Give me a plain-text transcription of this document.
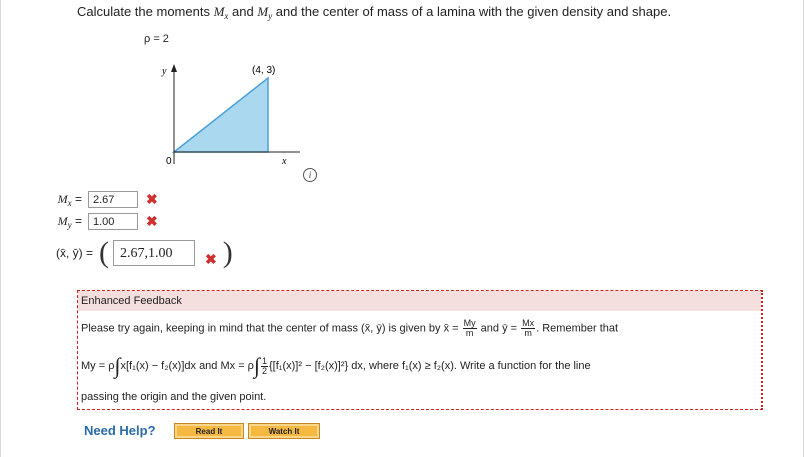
Calculate the moments $M_x$ and $M_y$ and the center of mass of a lamina with the given density and shape.
ρ = 2
y
x
0
(4, 3)
i
$M_x$ =	2.67	✖
$M_y$ =	1.00	✖
(x̄, ȳ) = ( 2.67,1.00	✖ )
Enhanced Feedback
Please try again, keeping in mind that the center of mass (x̄, ȳ) is given by x̄ = $\frac{My}{m}$ and ȳ = $\frac{Mx}{m}$ . Remember that
My = ρ∫x[f₁(x) − f₂(x)]dx and $Mx = \rho\int \frac{1}{2} \{[f_1(x)]^2 - [f_2(x)]^2\}$ dx, where f₁(x) ≥ f₂(x). Write a function for the line
passing the origin and the given point.
Need Help?	Read It	Watch It
